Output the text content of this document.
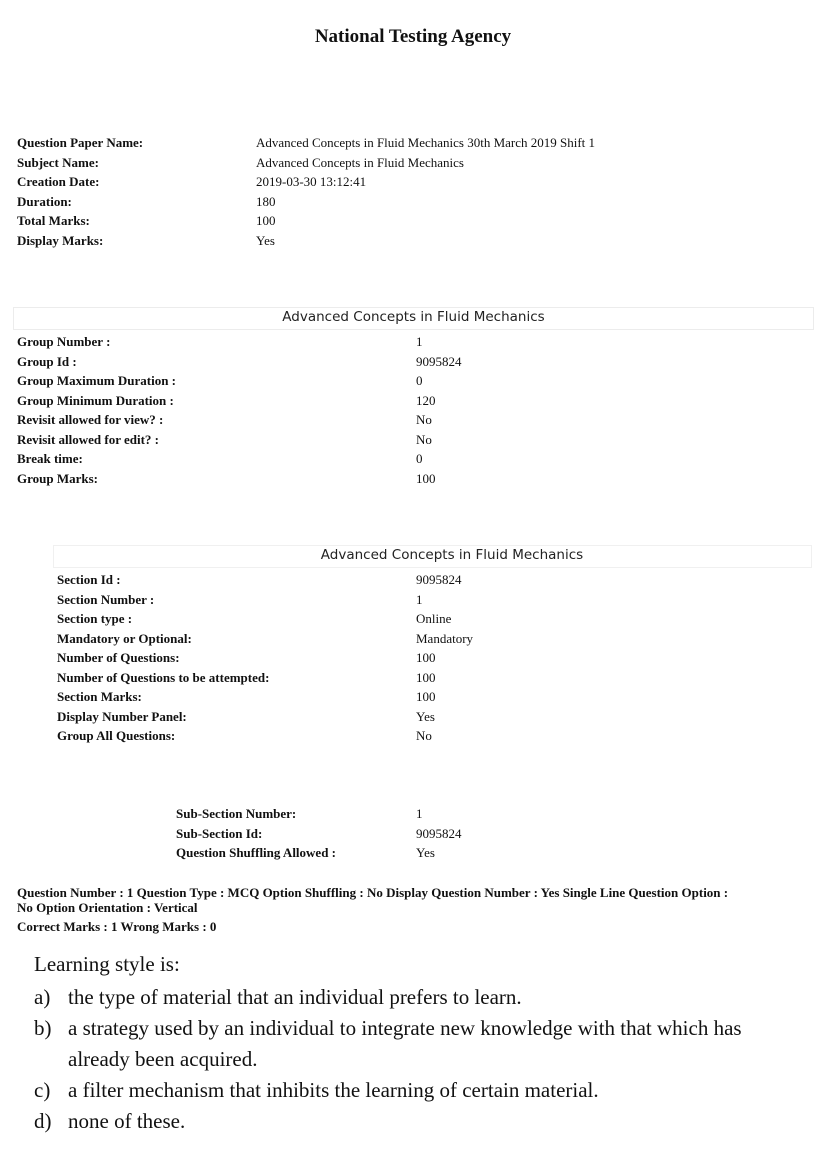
National Testing Agency
Question Paper Name:	Advanced Concepts in Fluid Mechanics 30th March 2019 Shift 1
Subject Name:	Advanced Concepts in Fluid Mechanics
Creation Date:	2019-03-30 13:12:41
Duration:	180
Total Marks:	100
Display Marks:	Yes
Advanced Concepts in Fluid Mechanics
Group Number :	1
Group Id :	9095824
Group Maximum Duration :	0
Group Minimum Duration :	120
Revisit allowed for view? :	No
Revisit allowed for edit? :	No
Break time:	0
Group Marks:	100
Advanced Concepts in Fluid Mechanics
Section Id :	9095824
Section Number :	1
Section type :	Online
Mandatory or Optional:	Mandatory
Number of Questions:	100
Number of Questions to be attempted:	100
Section Marks:	100
Display Number Panel:	Yes
Group All Questions:	No
Sub-Section Number:	1
Sub-Section Id:	9095824
Question Shuffling Allowed :	Yes
Question Number : 1 Question Type : MCQ Option Shuffling : No Display Question Number : Yes Single Line Question Option :
No Option Orientation : Vertical
Correct Marks : 1 Wrong Marks : 0
Learning style is:
a) the type of material that an individual prefers to learn.
b) a strategy used by an individual to integrate new knowledge with that which has already been acquired.
c) a filter mechanism that inhibits the learning of certain material.
d) none of these.
